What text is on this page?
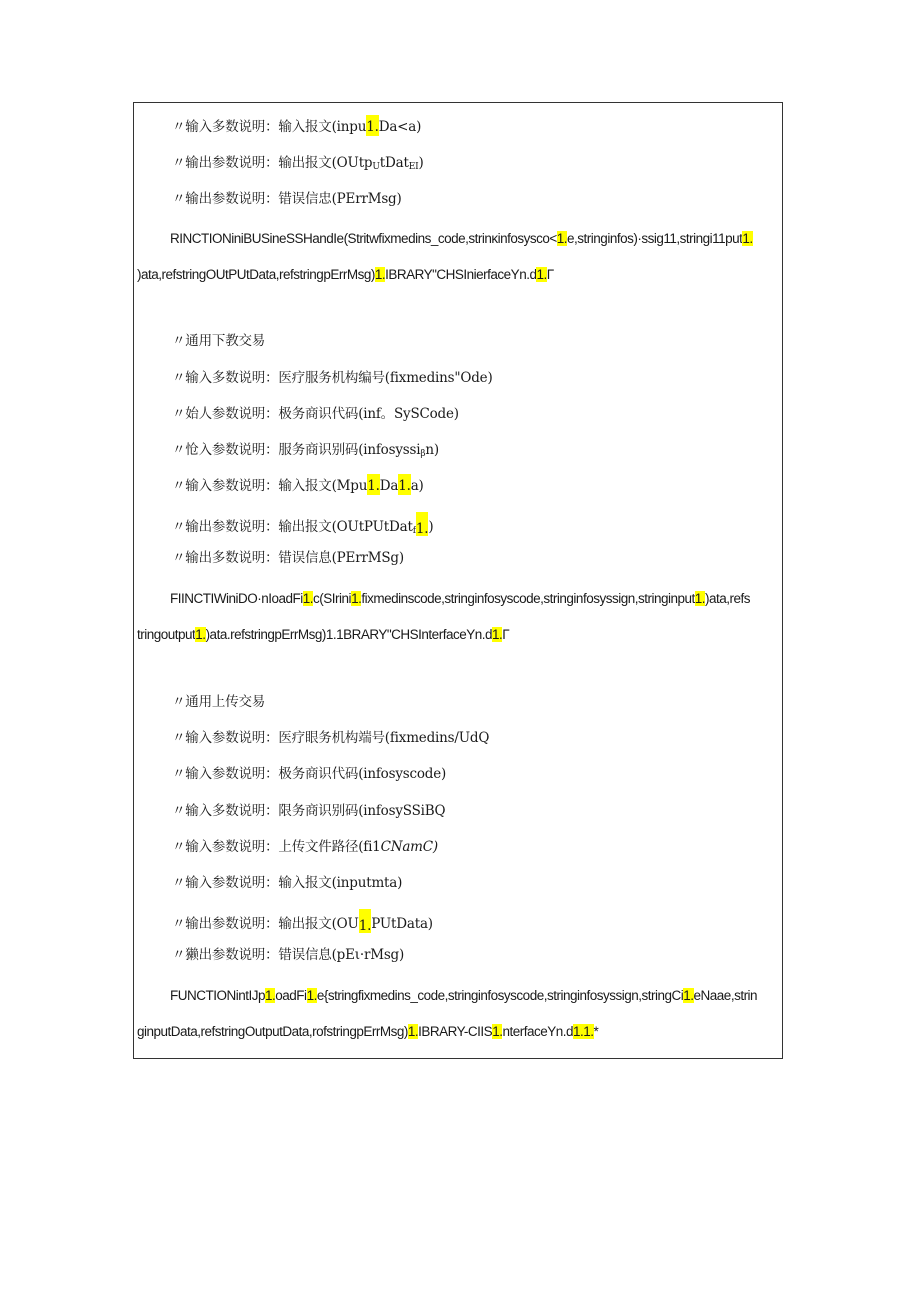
〃输入多数说明：输入报文(inpu1.Da<a)
〃输出参数说明：输出报文(OUtp$_U$tDat$_{EI}$)
〃输出参数说明：错误信忠(PErrMsg)
RINCTIONiniBUSineSSHandIe(Stritwfixmedins_code,strinκinfosysco<1.e,stringinfos)·ssig11,stringi11put1.
)ata,refstringOUtPUtData,refstringpErrMsg)1.IBRARY"CHSInierfaceYn.d1.Γ
〃通用下教交易
〃输入多数说明：医疗服务机构编号(fixmedins"Ode)
〃始人参数说明：极务商识代码(inf。SySCode)
〃怆入参数说明：服务商识别码(infosyssi$_\beta$n)
〃输入参数说明：输入报文(Mpu1.Da1.a)
〃输出参数说明：输出报文(OUtPUtDat$_f$1.)
〃输出多数说明：错误信息(PErrMSg)
FIINCTIWiniDO·nIoadFi1.c(SIrini1.fixmedinscode,stringinfosyscode,stringinfosyssign,stringinput1.)ata,refs
tringoutput1.)ata.refstringpErrMsg)1.1BRARY"CHSInterfaceYn.d1.Γ
〃通用上传交易
〃输入参数说明：医疗眼务机构端号(fixmedins/UdQ
〃输入参数说明：极务商识代码(infosyscode)
〃输入多数说明：限务商识别码(infosySSiBQ
〃输入参数说明：上传文件路径(fi1CNamC)
〃输入参数说明：输入报文(inputmta)
〃输出参数说明：输出报文(OU1.PUtData)
〃獭出参数说明：错误信息(pEι·rMsg)
FUNCTIONintIJp1.oadFi1.e{stringfixmedins_code,stringinfosyscode,stringinfosyssign,stringCi1.eNaae,strin
ginputData,refstringOutputData,rofstringpErrMsg)1.IBRARY-CIIS1.nterfaceYn.d1.1.*
